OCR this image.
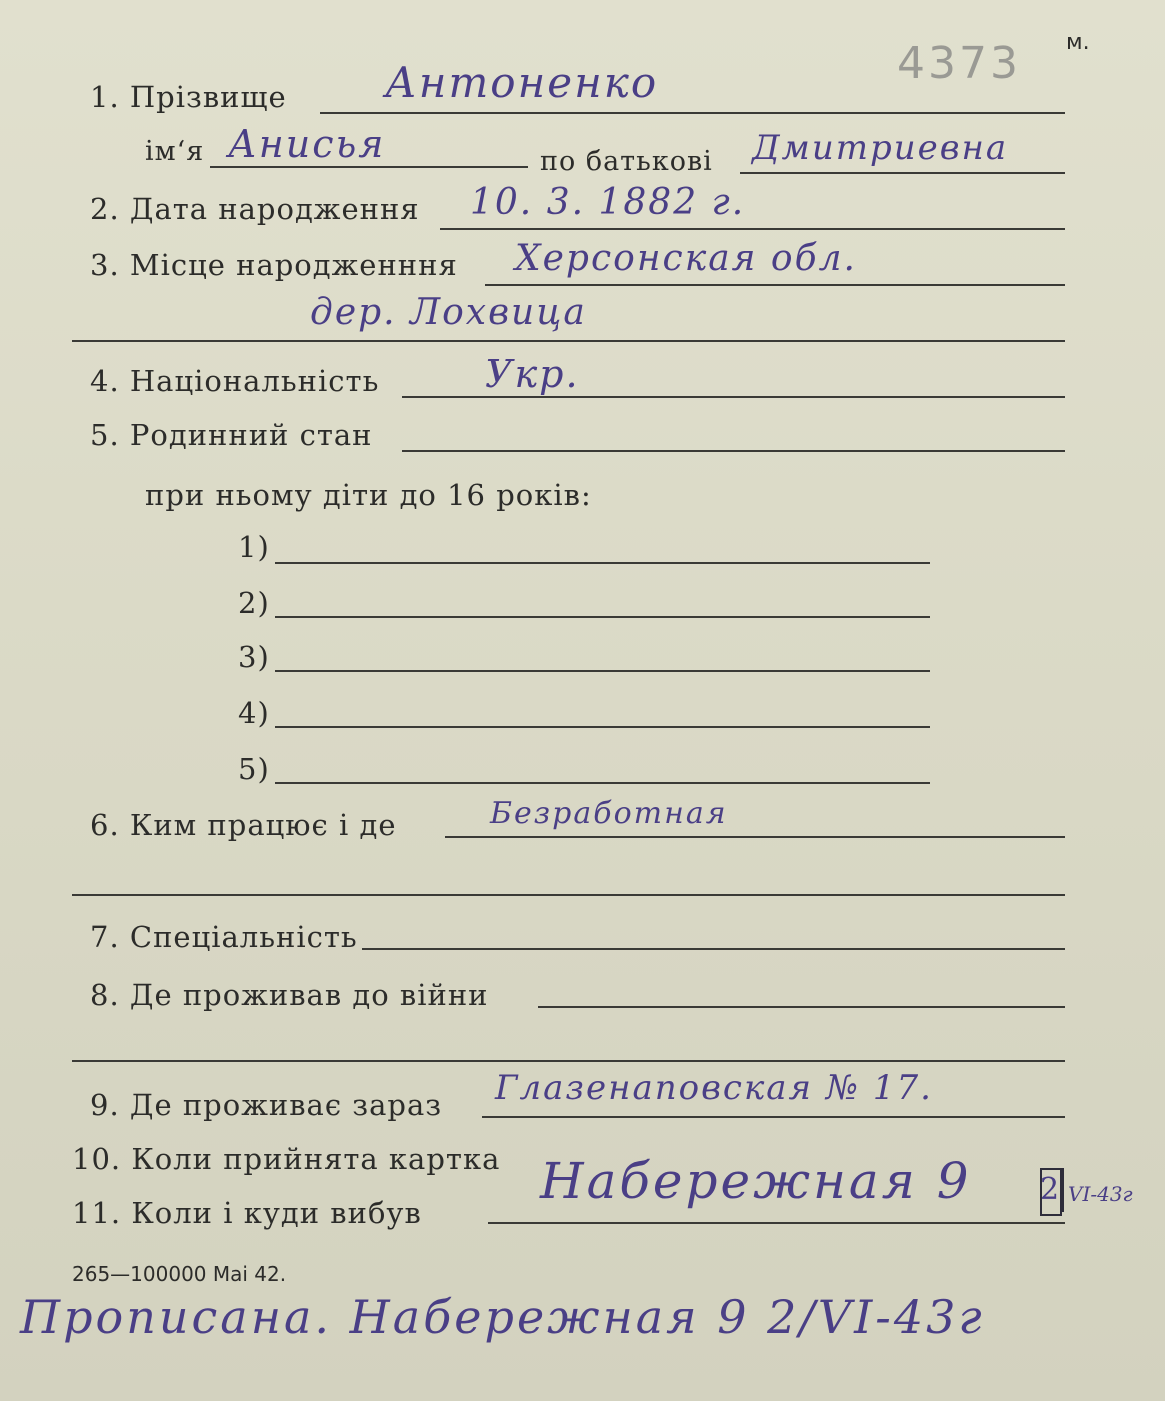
4373 м.
1. Прізвище Антоненко
ім‘я Анисья	по батькові Дмитриевна
2. Дата народження 10. 3. 1882 г.
3. Місце народженння Херсонская обл.
дер. Лохвица
4. Національність	Укр.
5. Родинний стан
при ньому діти до 16 років:
1)
2)
3)
4)
5)
6. Ким працює і де	Безработная
7. Спеціальність
8. Де проживав до війни
9. Де проживає зараз Глазенаповская № 17.
10. Коли прийнята картка
11. Коли і куди вибув
Набережная 9 2 VI-43г
265—100000 Mai 42.
Прописана. Набережная 9 2/VI-43г
